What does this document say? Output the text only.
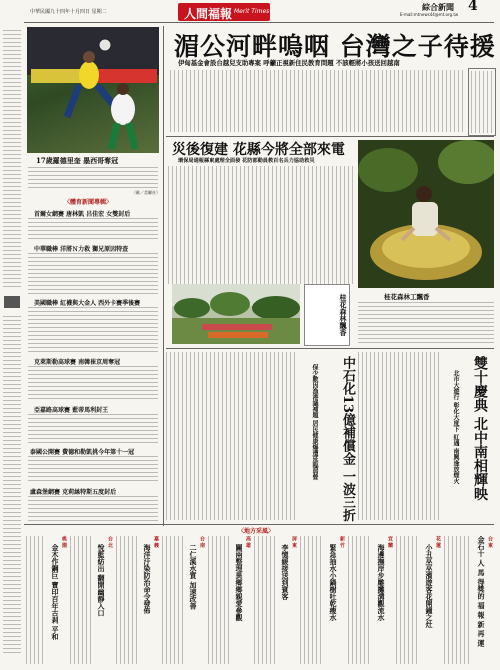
中華民國九十四年十月四日 星期二	人間福報 Merit Times	綜合新聞 4
E-mail:mtnews44@mt.org.tw
17歲羅德里奎 墨西哥奪冠
（歐／美聯社）
〈體育新聞專輯〉
首爾女網賽 唐林凱 呂佳宏 女雙封后
中華職棒 洋將Ｎ力救 獅兄原因特查
美國職棒 紅襪與大金人 西外卡賽季後賽
克萊斯勒高球賽 南韓崔京周奪冠
亞嘉路高球賽 藍蒂馬利封王
泰國公開賽 費德和勒凱挑今年第十一冠
盧森堡網賽 克莉絲特斯五度封后
湄公河畔嗚咽 台灣之子待援
伊甸基金會設台越兒支助專案 呼籲正視新住民教育問題 不該輕將小孩送回越南
災後復建 花縣今將全部來電
環保局通報縣東處理全面發 花防部動員教百名兵力協助救災
桂花森林飄香	桂花森林工飄香
中石化13億補償金 一波三折
保少數因漁港議補題 居民健康爆遭延臨弱營	雙十慶典 北中南相輝映
北市大遊行 彰化大度下 紅遇 南興逢放煙火
〈地方采風〉
台 東
金石十 人 馬 得獎的 福 報 新 再 運
花 蓮
小丑巫巫濱遊客花開鐘之灶
宜 蘭
海邊撫岸步雕攤溝觀流水
新 竹
緊急抽水小鍋樹吐乾瘦水
屏 東
李憶緩接送到賓客
高 雄
關兩整理異鄉鄉親愛參觀
台 南
二仁溪水質 加速改善
嘉 義
海洋汙染防治命令發佈
台 北
悅藍紡出 翻開幽靜入口
桃 園
金木作鋼巨 寶印百年古剎 平和
